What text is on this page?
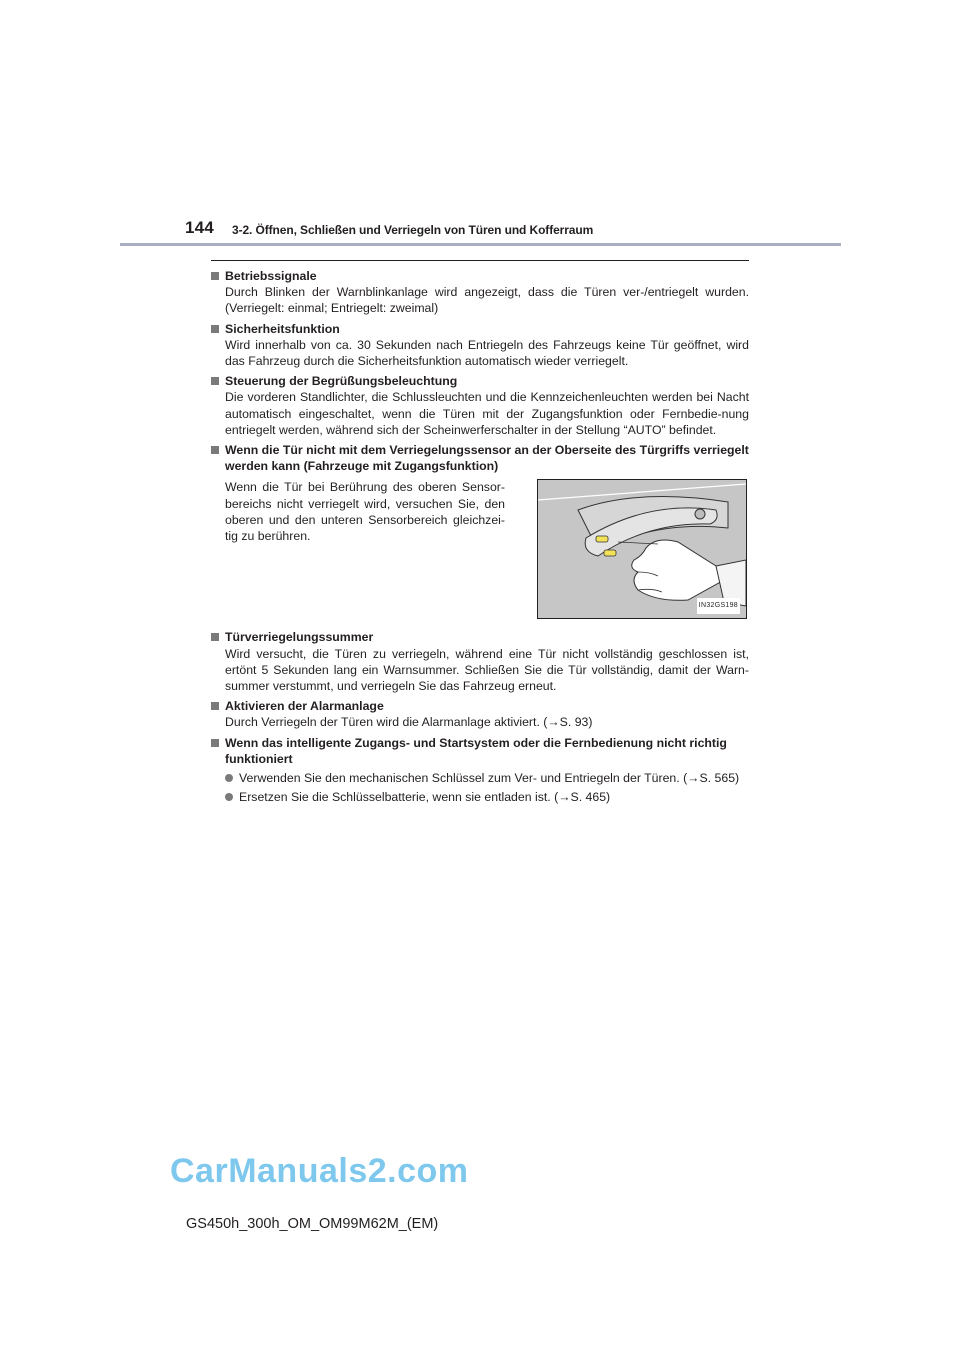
144 3-2. Öffnen, Schließen und Verriegeln von Türen und Kofferraum
Betriebssignale
Durch Blinken der Warnblinkanlage wird angezeigt, dass die Türen ver-/entriegelt wurden. (Verriegelt: einmal; Entriegelt: zweimal)
Sicherheitsfunktion
Wird innerhalb von ca. 30 Sekunden nach Entriegeln des Fahrzeugs keine Tür geöffnet, wird das Fahrzeug durch die Sicherheitsfunktion automatisch wieder verriegelt.
Steuerung der Begrüßungsbeleuchtung
Die vorderen Standlichter, die Schlussleuchten und die Kennzeichenleuchten werden bei Nacht automatisch eingeschaltet, wenn die Türen mit der Zugangsfunktion oder Fernbedie-nung entriegelt werden, während sich der Scheinwerferschalter in der Stellung “AUTO” befindet.
Wenn die Tür nicht mit dem Verriegelungssensor an der Oberseite des Türgriffs verriegelt werden kann (Fahrzeuge mit Zugangsfunktion)
Wenn die Tür bei Berührung des oberen Sensor-bereichs nicht verriegelt wird, versuchen Sie, den oberen und den unteren Sensorbereich gleichzei-tig zu berühren.
IN32GS198
Türverriegelungssummer
Wird versucht, die Türen zu verriegeln, während eine Tür nicht vollständig geschlossen ist, ertönt 5 Sekunden lang ein Warnsummer. Schließen Sie die Tür vollständig, damit der Warn-summer verstummt, und verriegeln Sie das Fahrzeug erneut.
Aktivieren der Alarmanlage
Durch Verriegeln der Türen wird die Alarmanlage aktiviert. (→S. 93)
Wenn das intelligente Zugangs- und Startsystem oder die Fernbedienung nicht richtig funktioniert
Verwenden Sie den mechanischen Schlüssel zum Ver- und Entriegeln der Türen. (→S. 565)
Ersetzen Sie die Schlüsselbatterie, wenn sie entladen ist. (→S. 465)
CarManuals2.com
GS450h_300h_OM_OM99M62M_(EM)
